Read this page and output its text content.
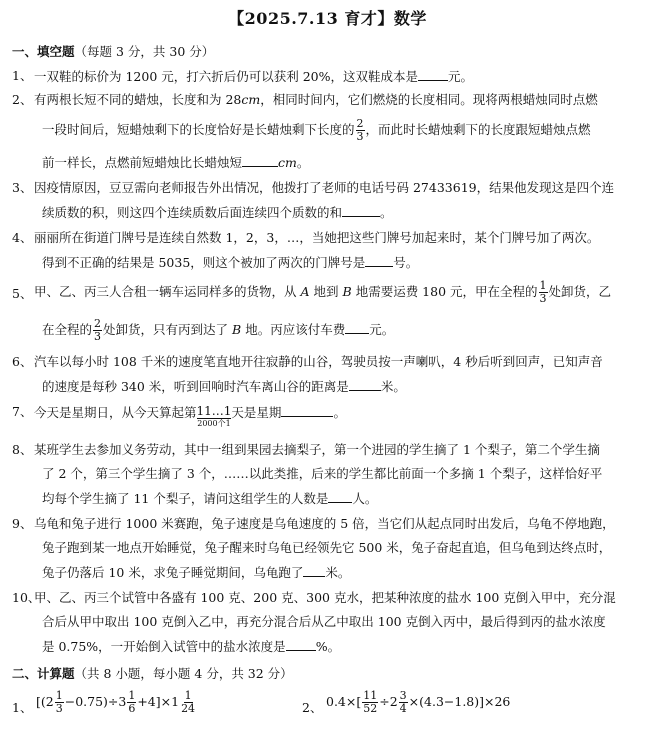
【2025.7.13 育才】数学
一、填空题（每题 3 分，共 30 分）
1、 一双鞋的标价为 1200 元，打六折后仍可以获利 20%，这双鞋成本是 元。
2、 有两根长短不同的蜡烛，长度和为 28cm，相同时间内，它们燃烧的长度相同。现将两根蜡烛同时点燃
一段时间后，短蜡烛剩下的长度恰好是长蜡烛剩下长度的 $\frac{2}{3}$ ，而此时长蜡烛剩下的长度跟短蜡烛点燃
前一样长，点燃前短蜡烛比长蜡烛短	cm。
3、 因疫情原因，豆豆需向老师报告外出情况，他拨打了老师的电话号码 27433619，结果他发现这是四个连
续质数的积，则这四个连续质数后面连续四个质数的和	。
4、 丽丽所在街道门牌号是连续自然数 1，2，3，…，当她把这些门牌号加起来时，某个门牌号加了两次。
得到不正确的结果是 5035，则这个被加了两次的门牌号是 号。
5、 甲、乙、丙三人合租一辆车运同样多的货物，从 A 地到 B 地需要运费 180 元，甲在全程的 $\frac{1}{3}$ 处卸货，乙
在全程的 $\frac{2}{3}$ 处卸货，只有丙到达了 B 地。丙应该付车费 元。
6、 汽车以每小时 108 千米的速度笔直地开往寂静的山谷，驾驶员按一声喇叭，4 秒后听到回声，已知声音
的速度是每秒 340 米，听到回响时汽车离山谷的距离是	米。
7、 今天是星期日，从今天算起第 11…1
2000个1
天是星期	。
8、 某班学生去参加义务劳动，其中一组到果园去摘梨子，第一个进园的学生摘了 1 个梨子，第二个学生摘
了 2 个，第三个学生摘了 3 个，……以此类推，后来的学生都比前面一个多摘 1 个梨子，这样恰好平
均每个学生摘了 11 个梨子，请问这组学生的人数是 人。
9、 乌龟和兔子进行 1000 米赛跑，兔子速度是乌龟速度的 5 倍，当它们从起点同时出发后，乌龟不停地跑，
兔子跑到某一地点开始睡觉，兔子醒来时乌龟已经领先它 500 米，兔子奋起直追，但乌龟到达终点时，
兔子仍落后 10 米，求兔子睡觉期间，乌龟跑了 米。
10、
甲、乙、丙三个试管中各盛有 100 克、200 克、300 克水，把某种浓度的盐水 100 克倒入甲中，充分混
合后从甲中取出 100 克倒入乙中，再充分混合后从乙中取出 100 克倒入丙中，最后得到丙的盐水浓度
是 0.75%，一开始倒入试管中的盐水浓度是 %。
二、计算题（共 8 小题，每小题 4 分，共 32 分）
1、 $[(2 \frac{1}{3} -0.75)\div 3 \frac{1}{6} +4]\times 1 \frac{1}{24}$	2、 $0.4\times[ \frac{11}{52} \div 2 \frac{3}{4} \times(4.3-1.8)]\times 26$
